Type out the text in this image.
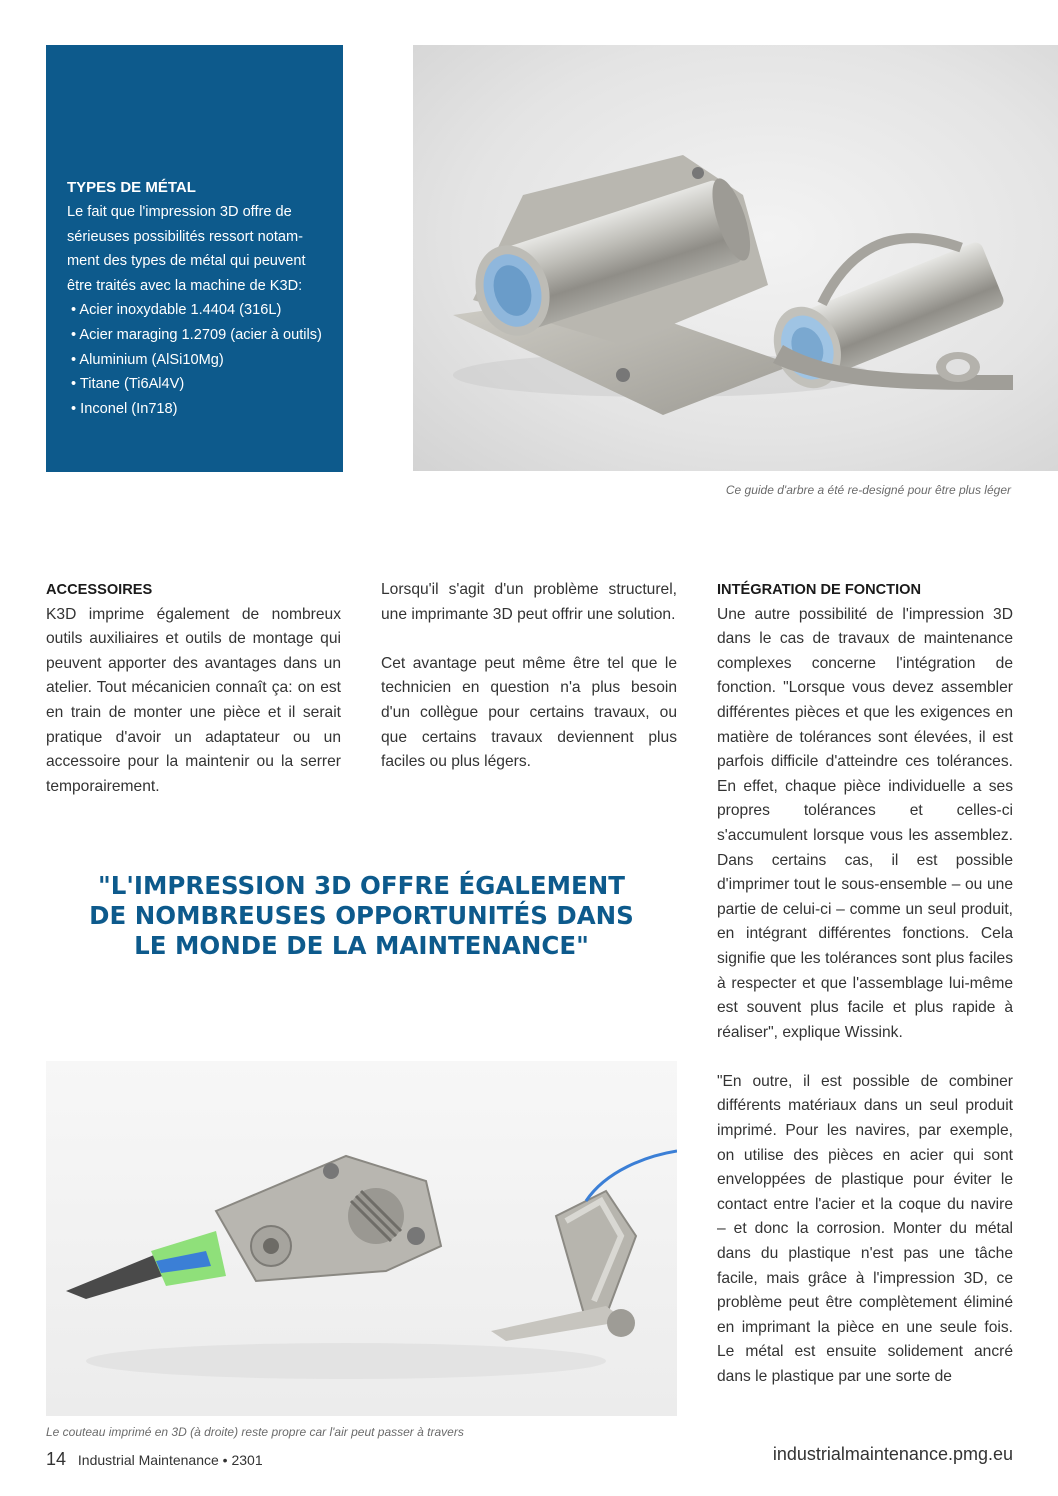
TYPES DE MÉTAL

Le fait que l'impression 3D offre de sérieuses possibilités ressort notamment des types de métal qui peuvent être traités avec la machine de K3D:

• Acier inoxydable 1.4404 (316L)
• Acier maraging 1.2709 (acier à outils)
• Aluminium (AlSi10Mg)
• Titane (Ti6Al4V)
• Inconel (In718)
Ce guide d'arbre a été re-designé pour être plus léger
ACCESSOIRES

K3D imprime également de nombreux outils auxiliaires et outils de montage qui peuvent apporter des avantages dans un atelier. Tout mécanicien connaît ça: on est en train de monter une pièce et il serait pratique d'avoir un adaptateur ou un accessoire pour la maintenir ou la serrer temporairement.

Lorsqu'il s'agit d'un problème structurel, une imprimante 3D peut offrir une solution.

Cet avantage peut même être tel que le technicien en question n'a plus besoin d'un collègue pour certains travaux, ou que certains travaux deviennent plus faciles ou plus légers.

INTÉGRATION DE FONCTION

Une autre possibilité de l'impression 3D dans le cas de travaux de maintenance complexes concerne l'intégration de fonction. "Lorsque vous devez assembler différentes pièces et que les exigences en matière de tolérances sont élevées, il est parfois difficile d'atteindre ces tolérances. En effet, chaque pièce individuelle a ses propres tolérances et celles-ci s'accumulent lorsque vous les assemblez. Dans certains cas, il est possible d'imprimer tout le sous-ensemble – ou une partie de celui-ci – comme un seul produit, en intégrant différentes fonctions. Cela signifie que les tolérances sont plus faciles à respecter et que l'assemblage lui-même est souvent plus facile et plus rapide à réaliser", explique Wissink.

"En outre, il est possible de combiner différents matériaux dans un seul produit imprimé. Pour les navires, par exemple, on utilise des pièces en acier qui sont enveloppées de plastique pour éviter le contact entre l'acier et la coque du navire – et donc la corrosion. Monter du métal dans du plastique n'est pas une tâche facile, mais grâce à l'impression 3D, ce problème peut être complètement éliminé en imprimant la pièce en une seule fois. Le métal est ensuite solidement ancré dans le plastique par une sorte de

"L'IMPRESSION 3D OFFRE ÉGALEMENT
DE NOMBREUSES OPPORTUNITÉS DANS
LE MONDE DE LA MAINTENANCE"
Le couteau imprimé en 3D (à droite) reste propre car l'air peut passer à travers
14 Industrial Maintenance • 2301	industrialmaintenance.pmg.eu
